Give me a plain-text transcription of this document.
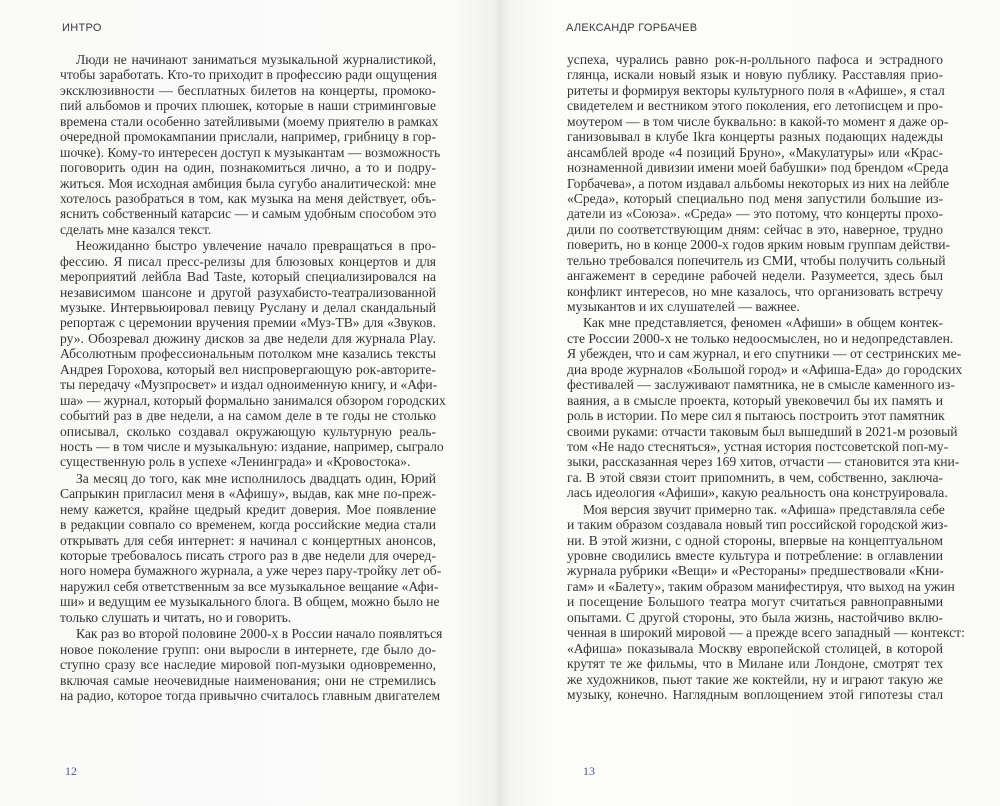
ИНТРО
Люди не начинают заниматься музыкальной журналистикой,
чтобы заработать. Кто-то приходит в профессию ради ощущения
эксклюзивности — бесплатных билетов на концерты, промоко-
пий альбомов и прочих плюшек, которые в наши стриминговые
времена стали особенно затейливыми (моему приятелю в рамках
очередной промокампании прислали, например, грибницу в гор-
шочке). Кому-то интересен доступ к музыкантам — возможность
поговорить один на один, познакомиться лично, а то и подру-
житься. Моя исходная амбиция была сугубо аналитической: мне
хотелось разобраться в том, как музыка на меня действует, объ-
яснить собственный катарсис — и самым удобным способом это
сделать мне казался текст.
Неожиданно быстро увлечение начало превращаться в про-
фессию. Я писал пресс-релизы для блюзовых концертов и для
мероприятий лейбла Bad Taste, который специализировался на
независимом шансоне и другой разухабисто-театрализованной
музыке. Интервьюировал певицу Руслану и делал скандальный
репортаж с церемонии вручения премии «Муз-ТВ» для «Звуков.
ру». Обозревал дюжину дисков за две недели для журнала Play.
Абсолютным профессиональным потолком мне казались тексты
Андрея Горохова, который вел ниспровергающую рок-авторите-
ты передачу «Музпросвет» и издал одноименную книгу, и «Афи-
ша» — журнал, который формально занимался обзором городских
событий раз в две недели, а на самом деле в те годы не столько
описывал, сколько создавал окружающую культурную реаль-
ность — в том числе и музыкальную: издание, например, сыграло
существенную роль в успехе «Ленинграда» и «Кровостока».
За месяц до того, как мне исполнилось двадцать один, Юрий
Сапрыкин пригласил меня в «Афишу», выдав, как мне по-преж-
нему кажется, крайне щедрый кредит доверия. Мое появление
в редакции совпало со временем, когда российские медиа стали
открывать для себя интернет: я начинал с концертных анонсов,
которые требовалось писать строго раз в две недели для очеред-
ного номера бумажного журнала, а уже через пару-тройку лет об-
наружил себя ответственным за все музыкальное вещание «Афи-
ши» и ведущим ее музыкального блога. В общем, можно было не
только слушать и читать, но и говорить.
Как раз во второй половине 2000-х в России начало появляться
новое поколение групп: они выросли в интернете, где было до-
ступно сразу все наследие мировой поп-музыки одновременно,
включая самые неочевидные наименования; они не стремились
на радио, которое тогда привычно считалось главным двигателем
12
АЛЕКСАНДР ГОРБАЧЕВ
успеха, чурались равно рок-н-ролльного пафоса и эстрадного
глянца, искали новый язык и новую публику. Расставляя прио-
ритеты и формируя векторы культурного поля в «Афише», я стал
свидетелем и вестником этого поколения, его летописцем и про-
моутером — в том числе буквально: в какой-то момент я даже ор-
ганизовывал в клубе Ikra концерты разных подающих надежды
ансамблей вроде «4 позиций Бруно», «Макулатуры» или «Крас-
нознаменной дивизии имени моей бабушки» под брендом «Среда
Горбачева», а потом издавал альбомы некоторых из них на лейбле
«Среда», который специально под меня запустили большие из-
датели из «Союза». «Среда» — это потому, что концерты прохо-
дили по соответствующим дням: сейчас в это, наверное, трудно
поверить, но в конце 2000-х годов ярким новым группам действи-
тельно требовался попечитель из СМИ, чтобы получить сольный
ангажемент в середине рабочей недели. Разумеется, здесь был
конфликт интересов, но мне казалось, что организовать встречу
музыкантов и их слушателей — важнее.
Как мне представляется, феномен «Афиши» в общем контек-
сте России 2000-х не только недоосмыслен, но и недопредставлен.
Я убежден, что и сам журнал, и его спутники — от сестринских ме-
диа вроде журналов «Большой город» и «Афиша-Еда» до городских
фестивалей — заслуживают памятника, не в смысле каменного из-
ваяния, а в смысле проекта, который увековечил бы их память и
роль в истории. По мере сил я пытаюсь построить этот памятник
своими руками: отчасти таковым был вышедший в 2021-м розовый
том «Не надо стесняться», устная история постсоветской поп-му-
зыки, рассказанная через 169 хитов, отчасти — становится эта кни-
га. В этой связи стоит припомнить, в чем, собственно, заключа-
лась идеология «Афиши», какую реальность она конструировала.
Моя версия звучит примерно так. «Афиша» представляла себе
и таким образом создавала новый тип российской городской жиз-
ни. В этой жизни, с одной стороны, впервые на концептуальном
уровне сводились вместе культура и потребление: в оглавлении
журнала рубрики «Вещи» и «Рестораны» предшествовали «Кни-
гам» и «Балету», таким образом манифестируя, что выход на ужин
и посещение Большого театра могут считаться равноправными
опытами. С другой стороны, это была жизнь, настойчиво вклю-
ченная в широкий мировой — а прежде всего западный — контекст:
«Афиша» показывала Москву европейской столицей, в которой
крутят те же фильмы, что в Милане или Лондоне, смотрят тех
же художников, пьют такие же коктейли, ну и играют такую же
музыку, конечно. Наглядным воплощением этой гипотезы стал
13
